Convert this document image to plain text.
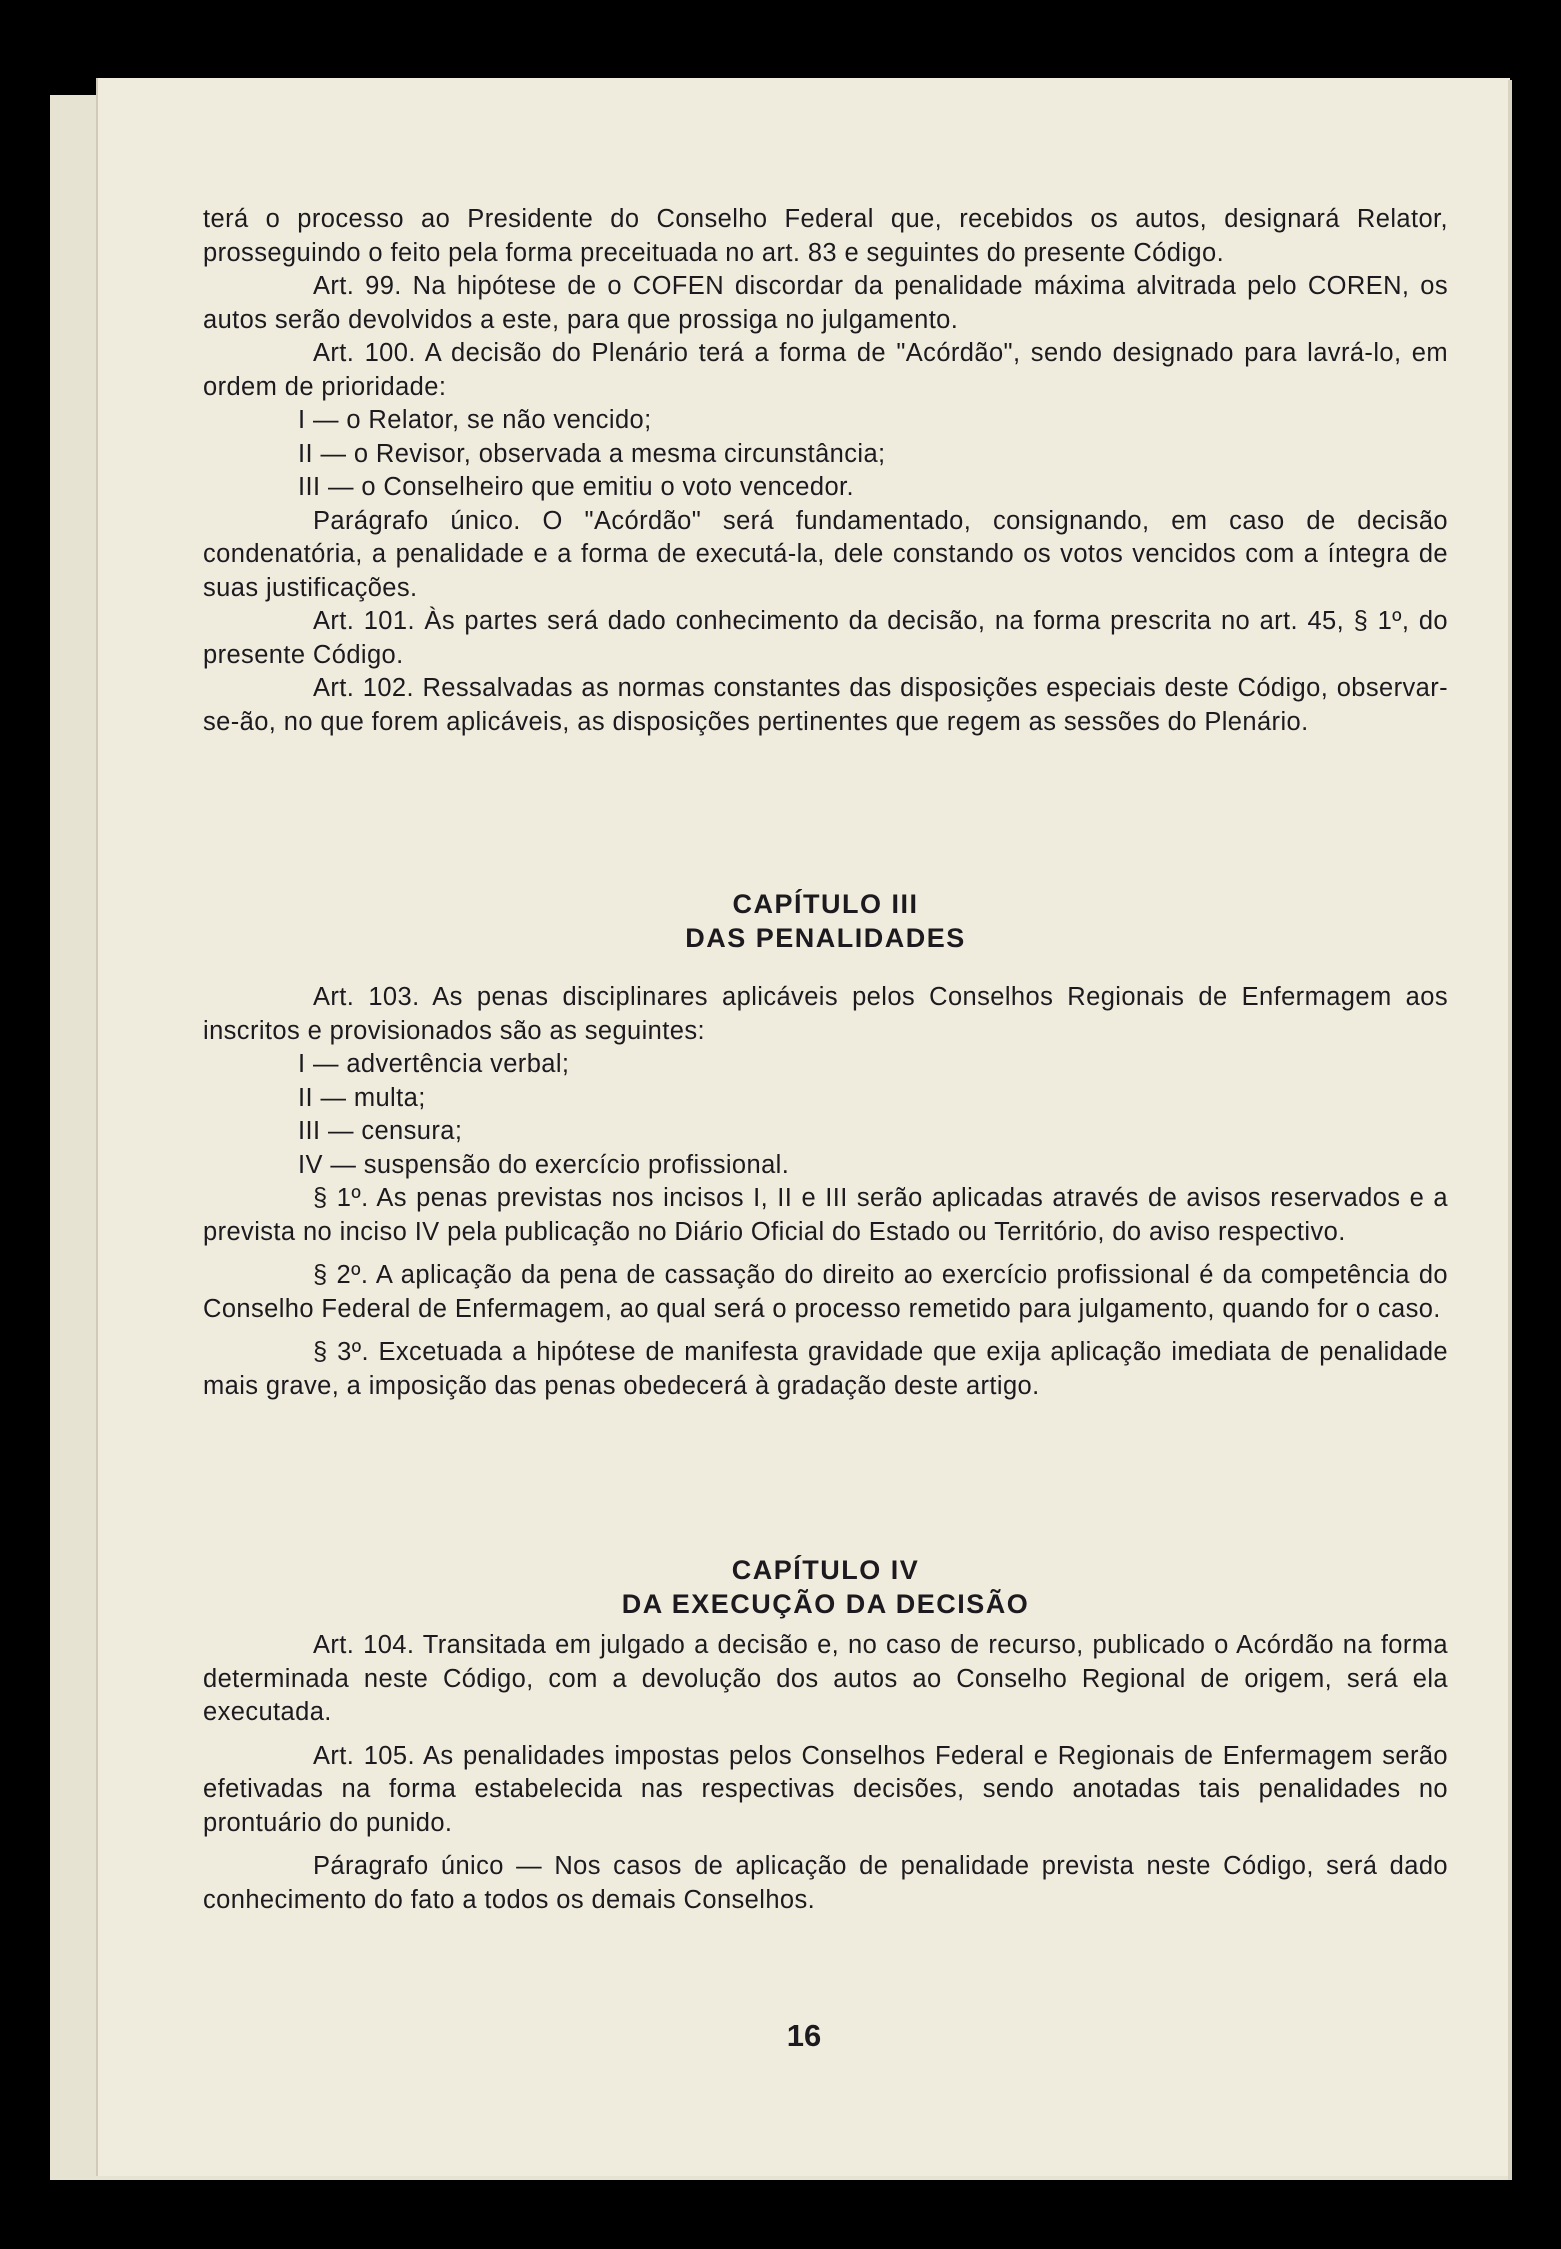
terá o processo ao Presidente do Conselho Federal que, recebidos os autos, designará Relator, prosseguindo o feito pela forma preceituada no art. 83 e seguintes do presente Código.

Art. 99. Na hipótese de o COFEN discordar da penalidade máxima alvitrada pelo COREN, os autos serão devolvidos a este, para que prossiga no julgamento.

Art. 100. A decisão do Plenário terá a forma de "Acórdão", sendo designado para lavrá-lo, em ordem de prioridade:

I — o Relator, se não vencido;

II — o Revisor, observada a mesma circunstância;

III — o Conselheiro que emitiu o voto vencedor.

Parágrafo único. O "Acórdão" será fundamentado, consignando, em caso de decisão condenatória, a penalidade e a forma de executá-la, dele constando os votos vencidos com a íntegra de suas justificações.

Art. 101. Às partes será dado conhecimento da decisão, na forma prescrita no art. 45, § 1º, do presente Código.

Art. 102. Ressalvadas as normas constantes das disposições especiais deste Código, observar-se-ão, no que forem aplicáveis, as disposições pertinentes que regem as sessões do Plenário.

CAPÍTULO III
DAS PENALIDADES

Art. 103. As penas disciplinares aplicáveis pelos Conselhos Regionais de Enfermagem aos inscritos e provisionados são as seguintes:

I — advertência verbal;

II — multa;

III — censura;

IV — suspensão do exercício profissional.

§ 1º. As penas previstas nos incisos I, II e III serão aplicadas através de avisos reservados e a prevista no inciso IV pela publicação no Diário Oficial do Estado ou Território, do aviso respectivo.

§ 2º. A aplicação da pena de cassação do direito ao exercício profissional é da competência do Conselho Federal de Enfermagem, ao qual será o processo remetido para julgamento, quando for o caso.

§ 3º. Excetuada a hipótese de manifesta gravidade que exija aplicação imediata de penalidade mais grave, a imposição das penas obedecerá à gradação deste artigo.

CAPÍTULO IV
DA EXECUÇÃO DA DECISÃO

Art. 104. Transitada em julgado a decisão e, no caso de recurso, publicado o Acórdão na forma determinada neste Código, com a devolução dos autos ao Conselho Regional de origem, será ela executada.

Art. 105. As penalidades impostas pelos Conselhos Federal e Regionais de Enfermagem serão efetivadas na forma estabelecida nas respectivas decisões, sendo anotadas tais penalidades no prontuário do punido.

Páragrafo único — Nos casos de aplicação de penalidade prevista neste Código, será dado conhecimento do fato a todos os demais Conselhos.

16
